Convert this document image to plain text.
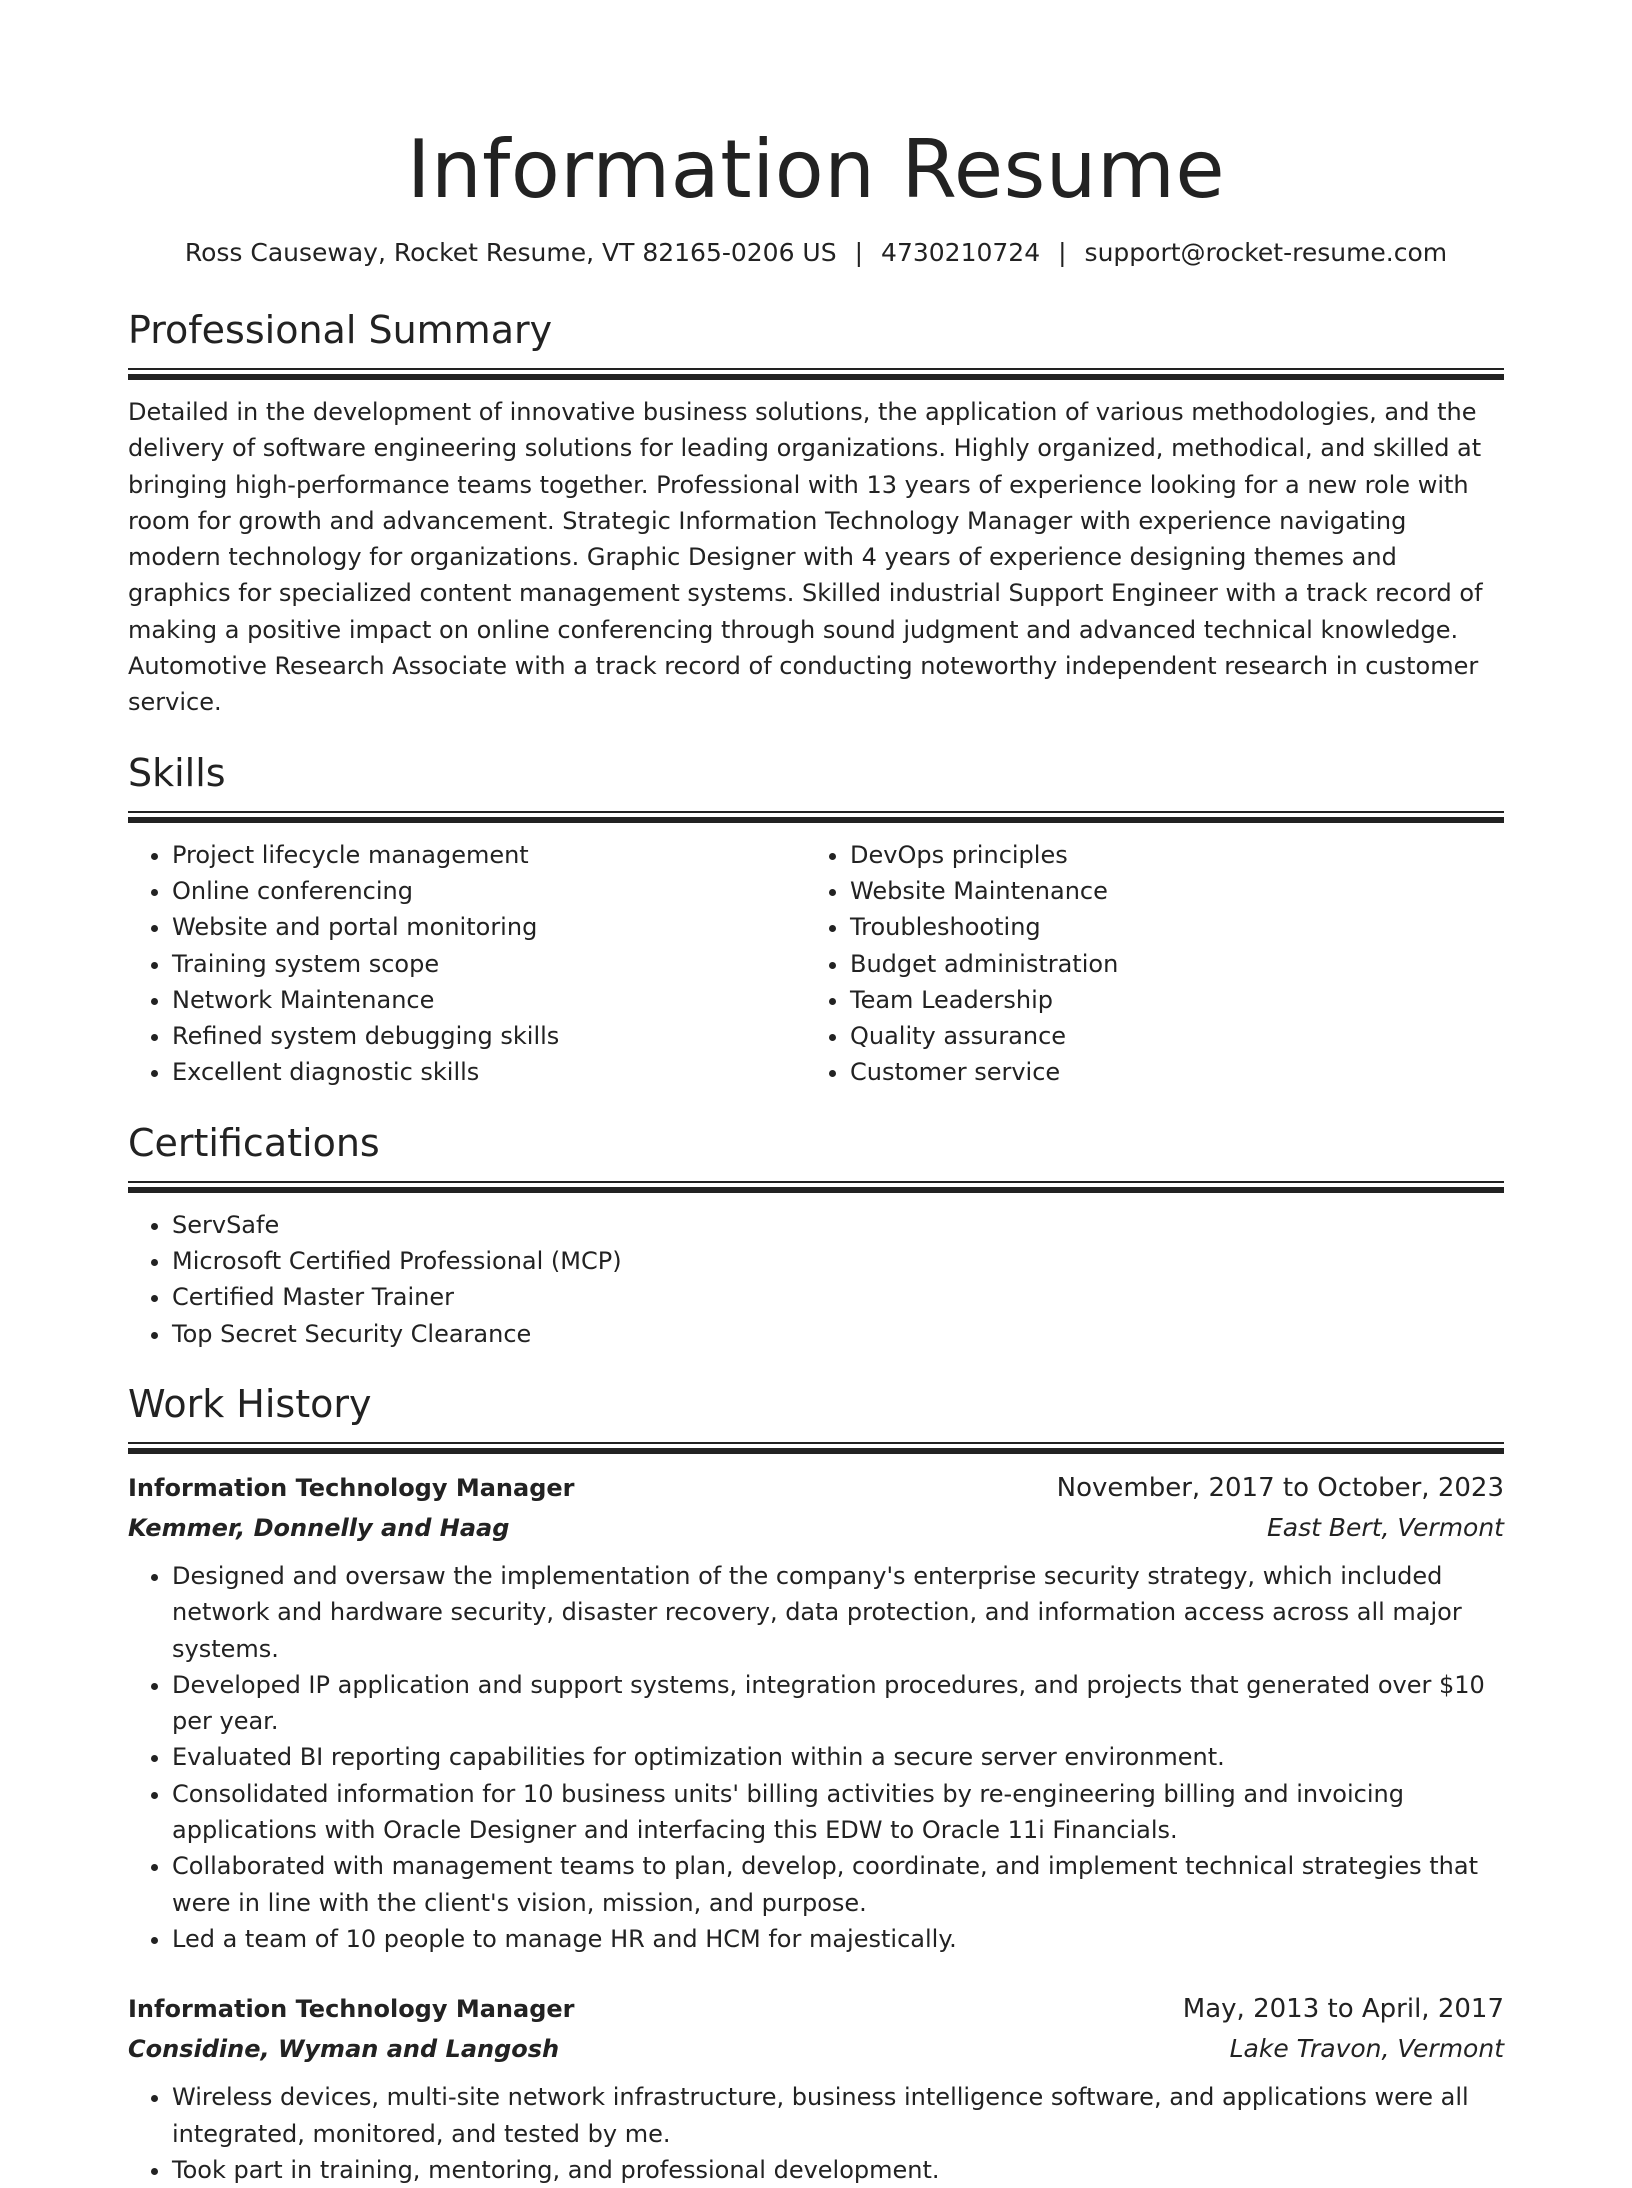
Information Resume
Ross Causeway, Rocket Resume, VT 82165-0206 US | 4730210724 | support@rocket-resume.com
Professional Summary

Detailed in the development of innovative business solutions, the application of various methodologies, and the delivery of software engineering solutions for leading organizations. Highly organized, methodical, and skilled at bringing high-performance teams together. Professional with 13 years of experience looking for a new role with room for growth and advancement. Strategic Information Technology Manager with experience navigating modern technology for organizations. Graphic Designer with 4 years of experience designing themes and graphics for specialized content management systems. Skilled industrial Support Engineer with a track record of making a positive impact on online conferencing through sound judgment and advanced technical knowledge. Automotive Research Associate with a track record of conducting noteworthy independent research in customer service.

Skills
• Project lifecycle management
• Online conferencing
• Website and portal monitoring
• Training system scope
• Network Maintenance
• Refined system debugging skills
• Excellent diagnostic skills
• DevOps principles
• Website Maintenance
• Troubleshooting
• Budget administration
• Team Leadership
• Quality assurance
• Customer service
Certifications
• ServSafe
• Microsoft Certified Professional (MCP)
• Certified Master Trainer
• Top Secret Security Clearance
Work History
Information Technology Manager	November, 2017 to October, 2023
Kemmer, Donnelly and Haag	East Bert, Vermont
• Designed and oversaw the implementation of the company's enterprise security strategy, which included network and hardware security, disaster recovery, data protection, and information access across all major systems.
• Developed IP application and support systems, integration procedures, and projects that generated over $10 per year.
• Evaluated BI reporting capabilities for optimization within a secure server environment.
• Consolidated information for 10 business units' billing activities by re-engineering billing and invoicing applications with Oracle Designer and interfacing this EDW to Oracle 11i Financials.
• Collaborated with management teams to plan, develop, coordinate, and implement technical strategies that were in line with the client's vision, mission, and purpose.
• Led a team of 10 people to manage HR and HCM for majestically.
Information Technology Manager	May, 2013 to April, 2017
Considine, Wyman and Langosh	Lake Travon, Vermont
• Wireless devices, multi-site network infrastructure, business intelligence software, and applications were all integrated, monitored, and tested by me.
• Took part in training, mentoring, and professional development.
